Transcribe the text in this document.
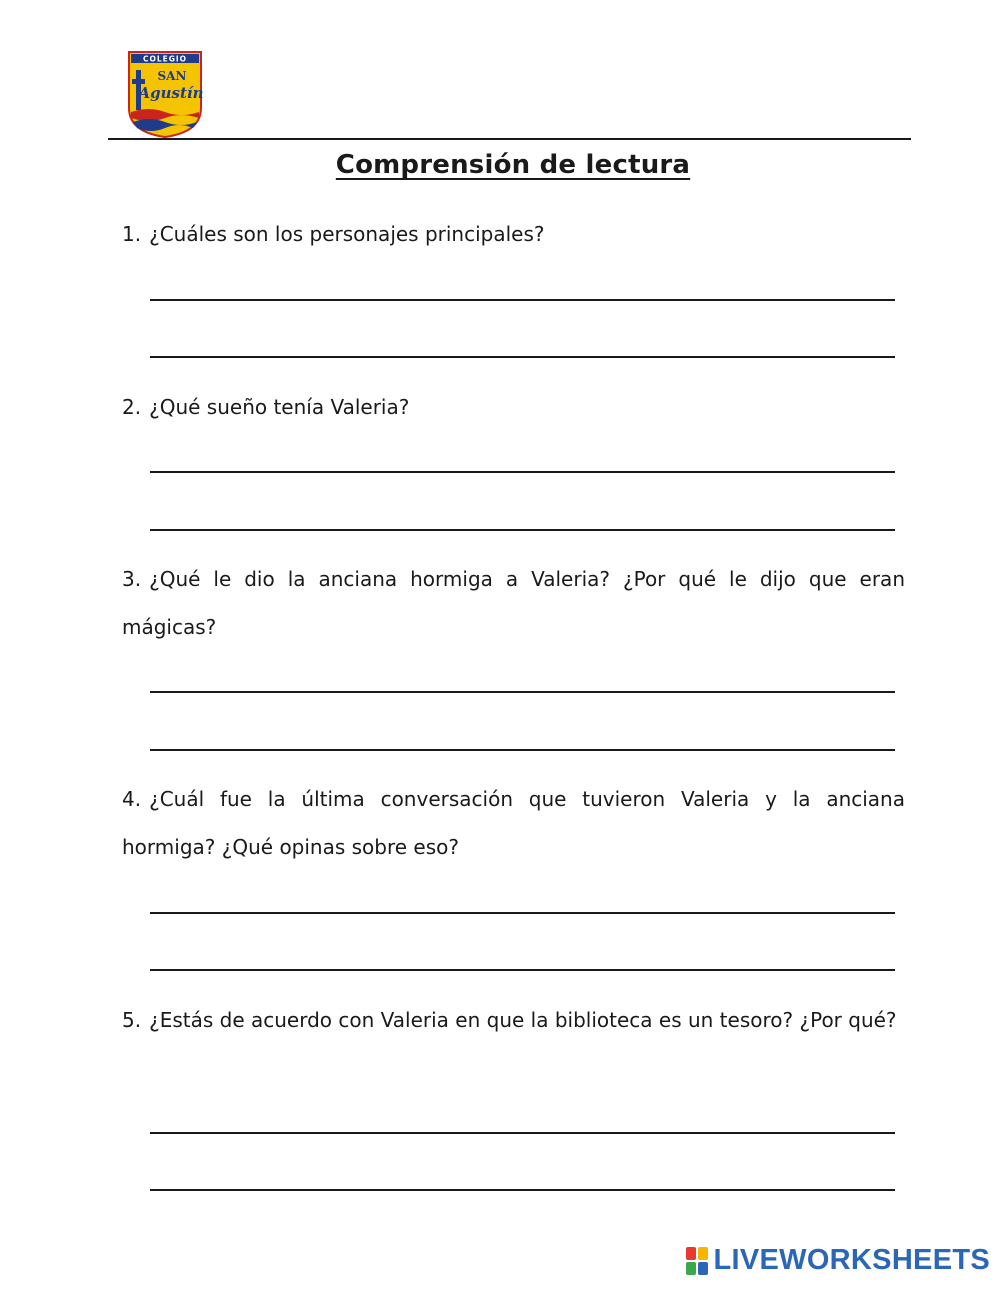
COLEGIO
SAN
Agustín
Comprensión de lectura
1. ¿Cuáles son los personajes principales?
2. ¿Qué sueño tenía Valeria?
3. ¿Qué le dio la anciana hormiga a Valeria? ¿Por qué le dijo que eran mágicas?
4. ¿Cuál fue la última conversación que tuvieron Valeria y la anciana hormiga? ¿Qué opinas sobre eso?
5. ¿Estás de acuerdo con Valeria en que la biblioteca es un tesoro? ¿Por qué?
LIVEWORKSHEETS
